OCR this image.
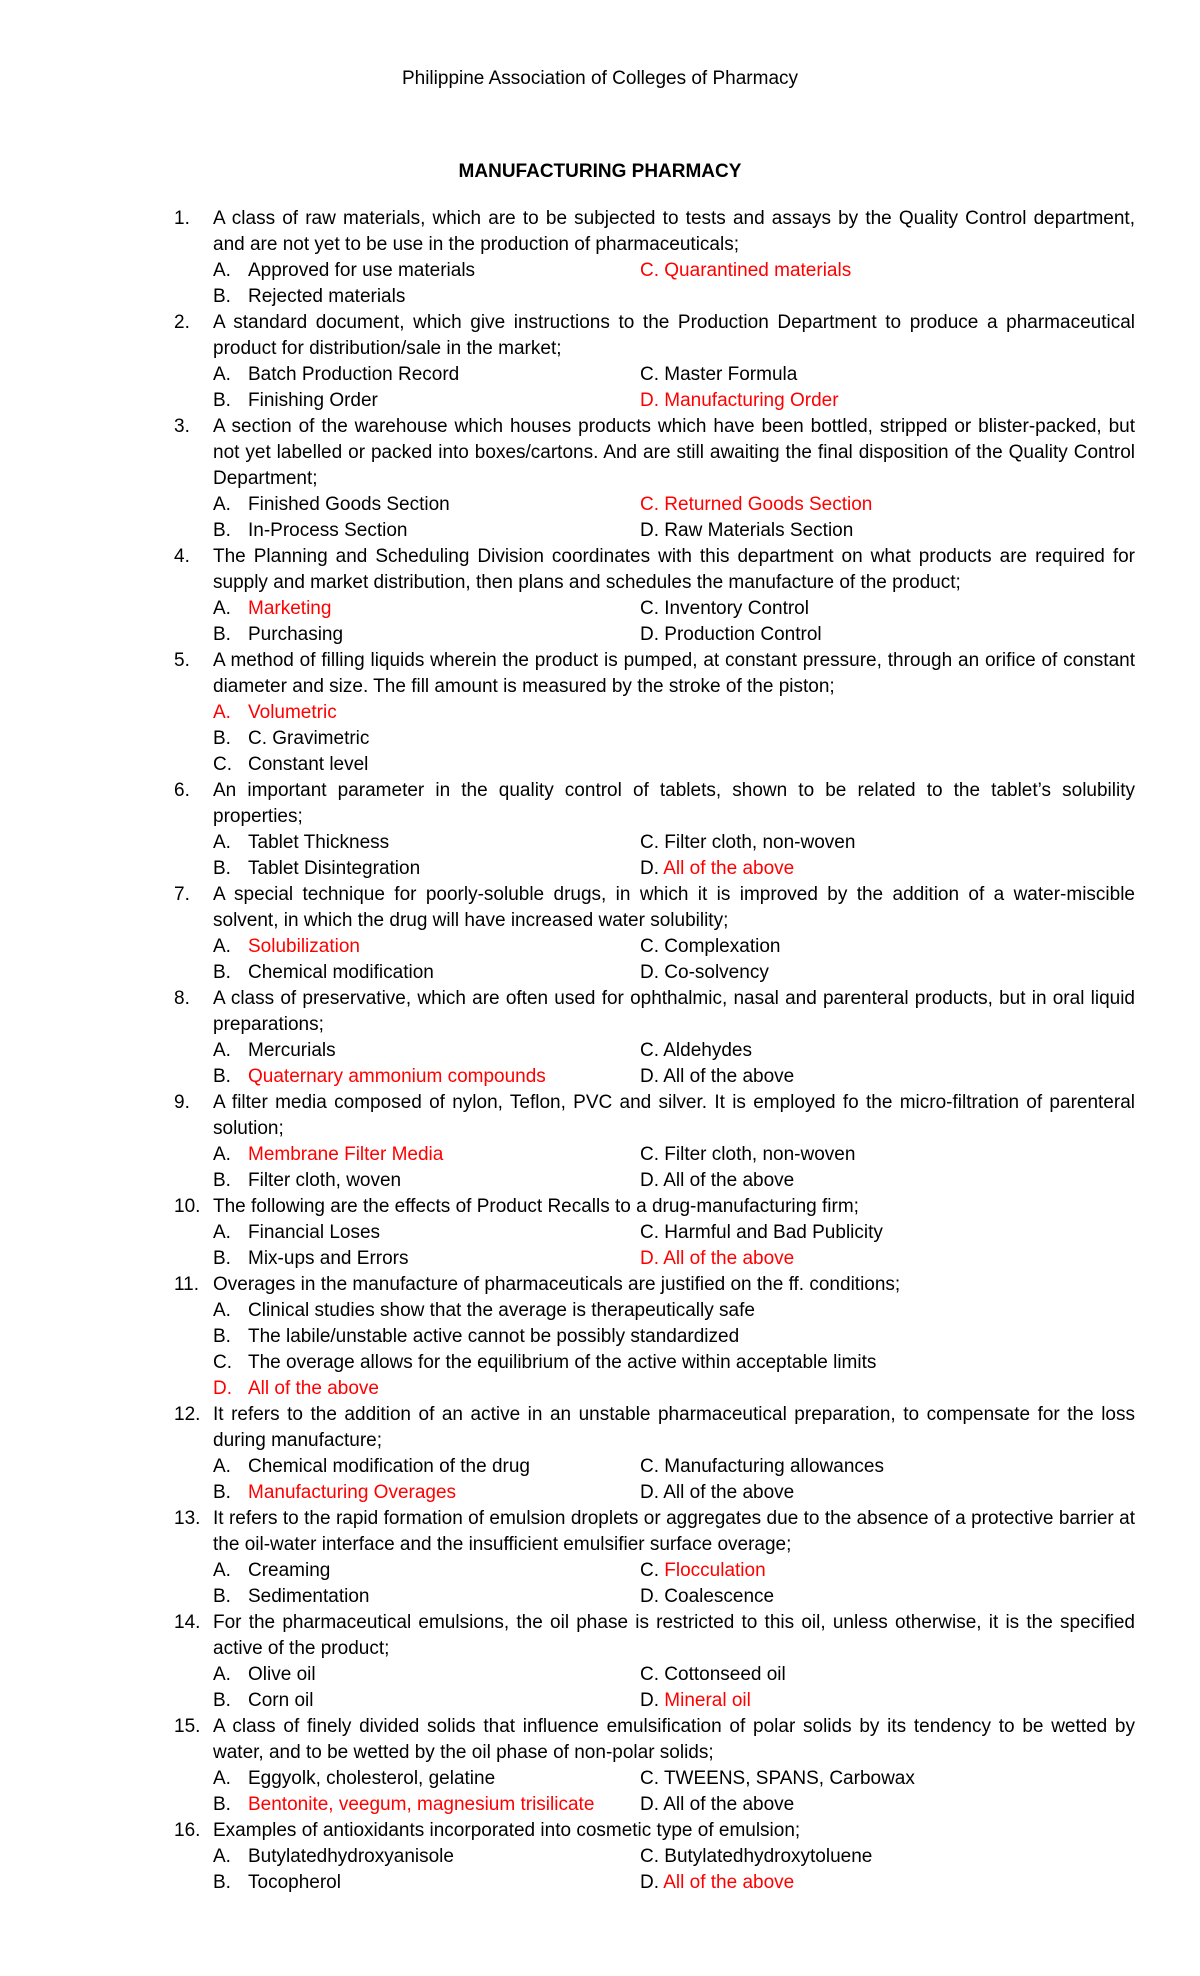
Philippine Association of Colleges of Pharmacy
MANUFACTURING PHARMACY
1.	A class of raw materials, which are to be subjected to tests and assays by the Quality Control department, and are not yet to be use in the production of pharmaceuticals;
A. Approved for use materials	C. Quarantined materials
B. Rejected materials
2.	A standard document, which give instructions to the Production Department to produce a pharmaceutical product for distribution/sale in the market;
A. Batch Production Record	C. Master Formula
B. Finishing Order	D. Manufacturing Order
3.	A section of the warehouse which houses products which have been bottled, stripped or blister-packed, but not yet labelled or packed into boxes/cartons. And are still awaiting the final disposition of the Quality Control Department;
A. Finished Goods Section	C. Returned Goods Section
B. In-Process Section	D. Raw Materials Section
4.	The Planning and Scheduling Division coordinates with this department on what products are required for supply and market distribution, then plans and schedules the manufacture of the product;
A. Marketing	C. Inventory Control
B. Purchasing	D. Production Control
5.	A method of filling liquids wherein the product is pumped, at constant pressure, through an orifice of constant diameter and size. The fill amount is measured by the stroke of the piston;
A. Volumetric
B. C. Gravimetric
C. Constant level
6.	An important parameter in the quality control of tablets, shown to be related to the tablet’s solubility properties;
A. Tablet Thickness	C. Filter cloth, non-woven
B. Tablet Disintegration	D. All of the above
7.	A special technique for poorly-soluble drugs, in which it is improved by the addition of a water-miscible solvent, in which the drug will have increased water solubility;
A. Solubilization	C. Complexation
B. Chemical modification	D. Co-solvency
8.	A class of preservative, which are often used for ophthalmic, nasal and parenteral products, but in oral liquid preparations;
A. Mercurials	C. Aldehydes
B. Quaternary ammonium compounds	D. All of the above
9.	A filter media composed of nylon, Teflon, PVC and silver. It is employed fo the micro-filtration of parenteral solution;
A. Membrane Filter Media	C. Filter cloth, non-woven
B. Filter cloth, woven	D. All of the above
10. The following are the effects of Product Recalls to a drug-manufacturing firm;
A. Financial Loses	C. Harmful and Bad Publicity
B. Mix-ups and Errors	D. All of the above
11. Overages in the manufacture of pharmaceuticals are justified on the ff. conditions;
A. Clinical studies show that the average is therapeutically safe
B. The labile/unstable active cannot be possibly standardized
C. The overage allows for the equilibrium of the active within acceptable limits
D. All of the above
12. It refers to the addition of an active in an unstable pharmaceutical preparation, to compensate for the loss during manufacture;
A. Chemical modification of the drug	C. Manufacturing allowances
B. Manufacturing Overages	D. All of the above
13. It refers to the rapid formation of emulsion droplets or aggregates due to the absence of a protective barrier at the oil-water interface and the insufficient emulsifier surface overage;
A. Creaming	C. Flocculation
B. Sedimentation	D. Coalescence
14. For the pharmaceutical emulsions, the oil phase is restricted to this oil, unless otherwise, it is the specified active of the product;
A. Olive oil	C. Cottonseed oil
B. Corn oil	D. Mineral oil
15. A class of finely divided solids that influence emulsification of polar solids by its tendency to be wetted by water, and to be wetted by the oil phase of non-polar solids;
A. Eggyolk, cholesterol, gelatine	C. TWEENS, SPANS, Carbowax
B. Bentonite, veegum, magnesium trisilicate	D. All of the above
16. Examples of antioxidants incorporated into cosmetic type of emulsion;
A. Butylatedhydroxyanisole	C. Butylatedhydroxytoluene
B. Tocopherol	D. All of the above
